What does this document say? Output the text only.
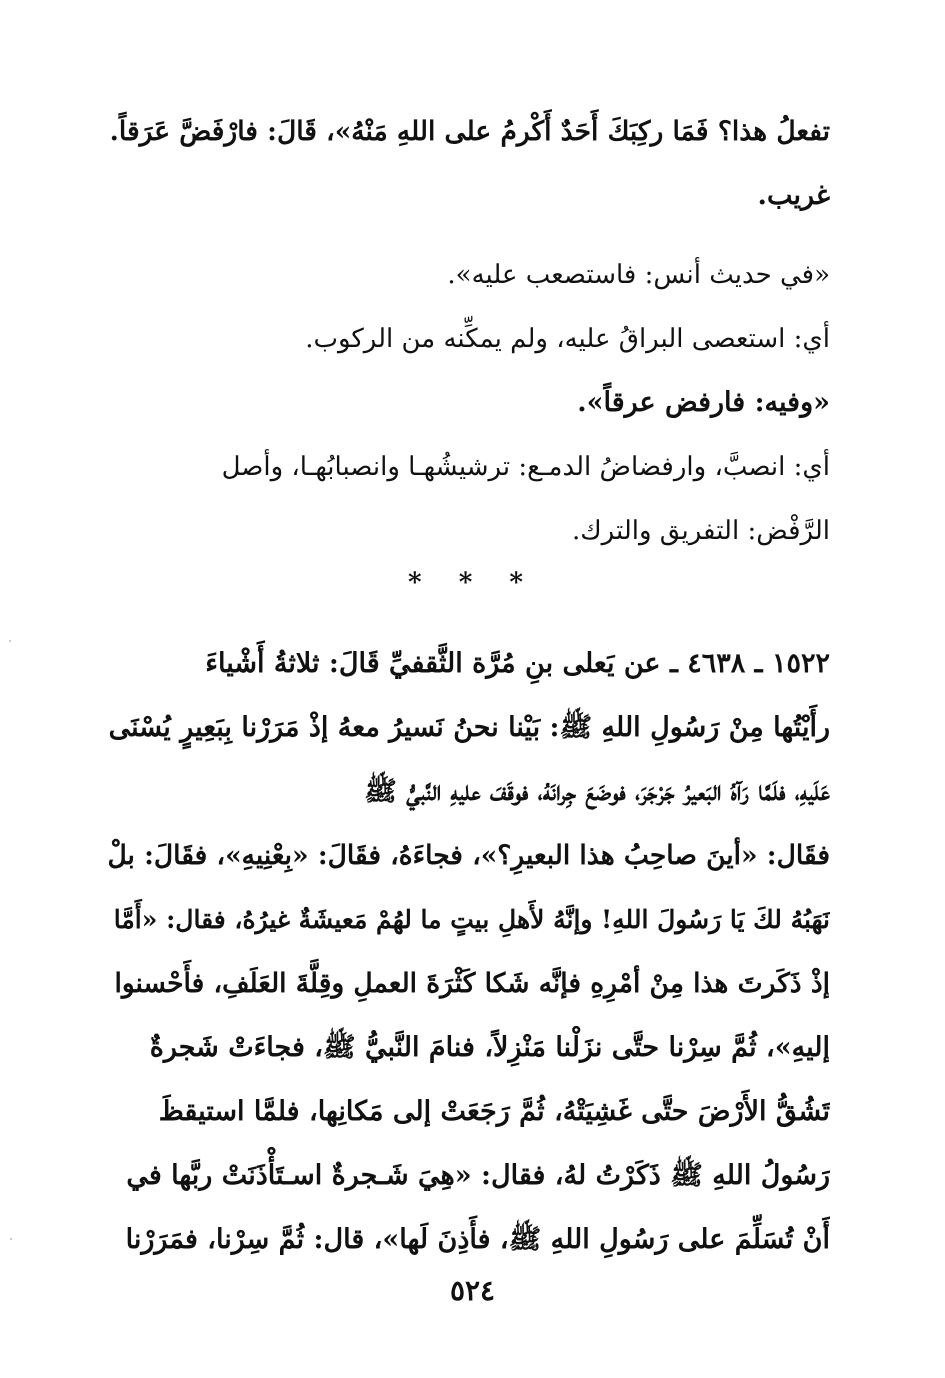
تفعلُ هذا؟ فَمَا ركِبَكَ أَحَدٌ أَكْرمُ على اللهِ مَنْهُ»، قَالَ: فارْفَضَّ عَرَقاً.
غريب.
«في حديث أنس: فاستصعب عليه».
أي: استعصى البراقُ عليه، ولم يمكِّنه من الركوب.
«وفيه: فارفض عرقاً».
أي: انصبَّ، وارفضاضُ الدمـع: ترشيشُهـا وانصبابُهـا، وأصل
الرَّفْض: التفريق والترك.
* * *
١٥٢٢ ـ ٤٦٣٨ ـ عن يَعلى بنِ مُرَّة الثَّقفيِّ قَالَ: ثلاثةُ أَشْياءَ
رأَيْتُها مِنْ رَسُولِ اللهِ ﷺ: بَيْنا نحنُ نَسيرُ معهُ إذْ مَرَرْنا بِبَعِيرٍ يُسْنَى
عَلَيهِ، فلَمَّا رَآهُ البَعيرُ جَرْجَرَ، فوضَعَ جِرانَهُ، فوقَفَ عليهِ النَّبيُّ ﷺ
فقَال: «أينَ صاحِبُ هذا البعيرِ؟»، فجاءَهُ، فقَالَ: «بِعْنِيهِ»، فقَالَ: بلْ
نَهَبُهُ لكَ يَا رَسُولَ اللهِ! وإنَّهُ لأَهلِ بيتٍ ما لهُمْ مَعيشَةٌ غيرُهُ، فقال: «أَمَّا
إذْ ذَكَرتَ هذا مِنْ أمْرِهِ فإنَّه شَكا كَثْرَةَ العملِ وقِلَّةَ العَلَفِ، فأَحْسنوا
إليهِ»، ثُمَّ سِرْنا حتَّى نزَلْنا مَنْزِلاً، فنامَ النَّبيُّ ﷺ، فجاءَتْ شَجرةٌ
تَشُقُّ الأَرْضَ حتَّى غَشِيَتْهُ، ثُمَّ رَجَعَتْ إلى مَكانِها، فلمَّا استيقظَ
رَسُولُ اللهِ ﷺ ذَكَرْتُ لهُ، فقال: «هِيَ شَـجرةٌ اسـتَأْذَنَتْ ربَّها في
أَنْ تُسَلِّمَ على رَسُولِ اللهِ ﷺ، فأَذِنَ لَها»، قال: ثُمَّ سِرْنا، فمَرَرْنا
٥٢٤
